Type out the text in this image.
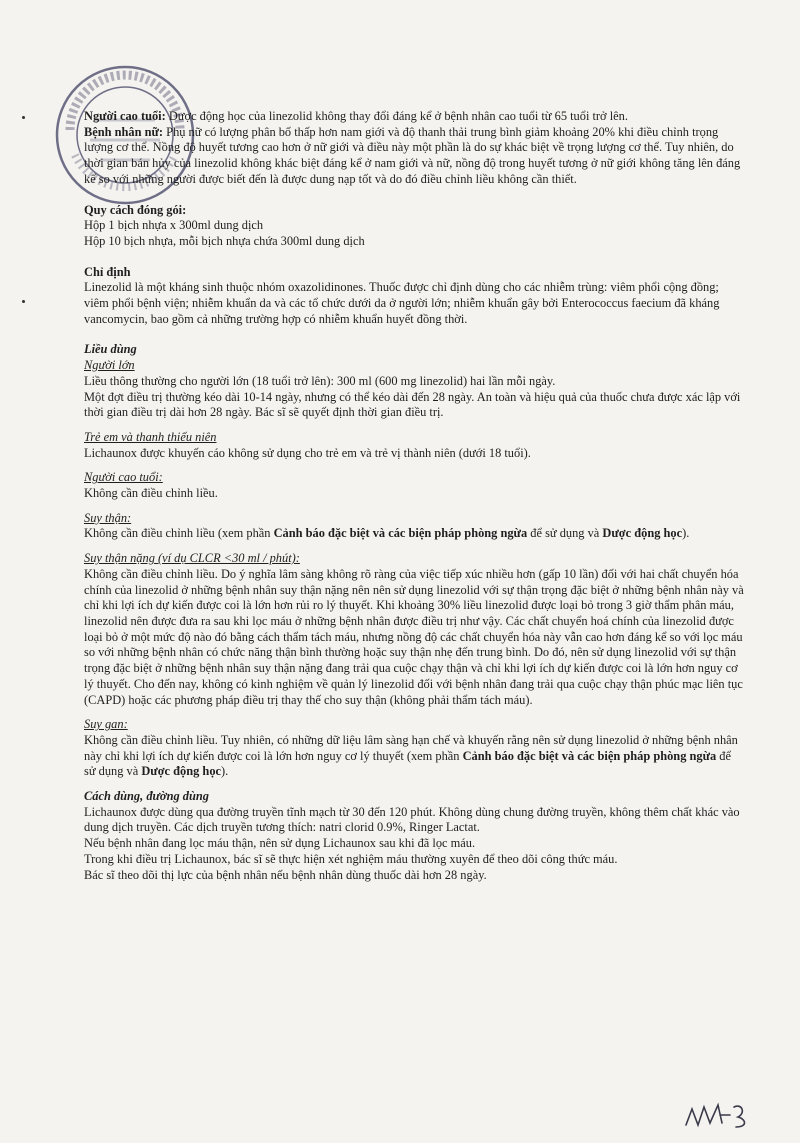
Người cao tuổi: Dược động học của linezolid không thay đổi đáng kể ở bệnh nhân cao tuổi từ 65 tuổi trở lên.

Bệnh nhân nữ: Phụ nữ có lượng phân bố thấp hơn nam giới và độ thanh thải trung bình giảm khoảng 20% khi điều chỉnh trọng lượng cơ thể. Nồng độ huyết tương cao hơn ở nữ giới và điều này một phần là do sự khác biệt về trọng lượng cơ thể. Tuy nhiên, do thời gian bán hủy của linezolid không khác biệt đáng kể ở nam giới và nữ, nồng độ trong huyết tương ở nữ giới không tăng lên đáng kể so với những người được biết đến là được dung nạp tốt và do đó điều chỉnh liều không cần thiết.

Quy cách đóng gói:

Hộp 1 bịch nhựa x 300ml dung dịch

Hộp 10 bịch nhựa, mỗi bịch nhựa chứa 300ml dung dịch

Chỉ định

Linezolid là một kháng sinh thuộc nhóm oxazolidinones. Thuốc được chỉ định dùng cho các nhiễm trùng: viêm phổi cộng đồng; viêm phổi bệnh viện; nhiễm khuẩn da và các tổ chức dưới da ở người lớn; nhiễm khuẩn gây bởi Enterococcus faecium đã kháng vancomycin, bao gồm cả những trường hợp có nhiễm khuẩn huyết đồng thời.

Liều dùng

Người lớn

Liều thông thường cho người lớn (18 tuổi trở lên): 300 ml (600 mg linezolid) hai lần mỗi ngày.

Một đợt điều trị thường kéo dài 10-14 ngày, nhưng có thể kéo dài đến 28 ngày. An toàn và hiệu quả của thuốc chưa được xác lập với thời gian điều trị dài hơn 28 ngày. Bác sĩ sẽ quyết định thời gian điều trị.

Trẻ em và thanh thiếu niên

Lichaunox được khuyến cáo không sử dụng cho trẻ em và trẻ vị thành niên (dưới 18 tuổi).

Người cao tuổi:

Không cần điều chỉnh liều.

Suy thận:

Không cần điều chỉnh liều (xem phần Cảnh báo đặc biệt và các biện pháp phòng ngừa để sử dụng và Dược động học).

Suy thận nặng (ví dụ CLCR <30 ml / phút):

Không cần điều chỉnh liều. Do ý nghĩa lâm sàng không rõ ràng của việc tiếp xúc nhiều hơn (gấp 10 lần) đối với hai chất chuyển hóa chính của linezolid ở những bệnh nhân suy thận nặng nên nên sử dụng linezolid với sự thận trọng đặc biệt ở những bệnh nhân này và chỉ khi lợi ích dự kiến được coi là lớn hơn rủi ro lý thuyết. Khi khoảng 30% liều linezolid được loại bỏ trong 3 giờ thẩm phân máu, linezolid nên được đưa ra sau khi lọc máu ở những bệnh nhân được điều trị như vậy. Các chất chuyển hoá chính của linezolid được loại bỏ ở một mức độ nào đó bằng cách thẩm tách máu, nhưng nồng độ các chất chuyển hóa này vẫn cao hơn đáng kể so với lọc máu so với những bệnh nhân có chức năng thận bình thường hoặc suy thận nhẹ đến trung bình. Do đó, nên sử dụng linezolid với sự thận trọng đặc biệt ở những bệnh nhân suy thận nặng đang trải qua cuộc chạy thận và chỉ khi lợi ích dự kiến được coi là lớn hơn nguy cơ lý thuyết. Cho đến nay, không có kinh nghiệm về quản lý linezolid đối với bệnh nhân đang trải qua cuộc chạy thận phúc mạc liên tục (CAPD) hoặc các phương pháp điều trị thay thế cho suy thận (không phải thẩm tách máu).

Suy gan:

Không cần điều chỉnh liều. Tuy nhiên, có những dữ liệu lâm sàng hạn chế và khuyến rằng nên sử dụng linezolid ở những bệnh nhân này chỉ khi lợi ích dự kiến được coi là lớn hơn nguy cơ lý thuyết (xem phần Cảnh báo đặc biệt và các biện pháp phòng ngừa để sử dụng và Dược động học).

Cách dùng, đường dùng

Lichaunox được dùng qua đường truyền tĩnh mạch từ 30 đến 120 phút. Không dùng chung đường truyền, không thêm chất khác vào dung dịch truyền. Các dịch truyền tương thích: natri clorid 0.9%, Ringer Lactat.

Nếu bệnh nhân đang lọc máu thận, nên sử dụng Lichaunox sau khi đã lọc máu.

Trong khi điều trị Lichaunox, bác sĩ sẽ thực hiện xét nghiệm máu thường xuyên để theo dõi công thức máu.

Bác sĩ theo dõi thị lực của bệnh nhân nếu bệnh nhân dùng thuốc dài hơn 28 ngày.
